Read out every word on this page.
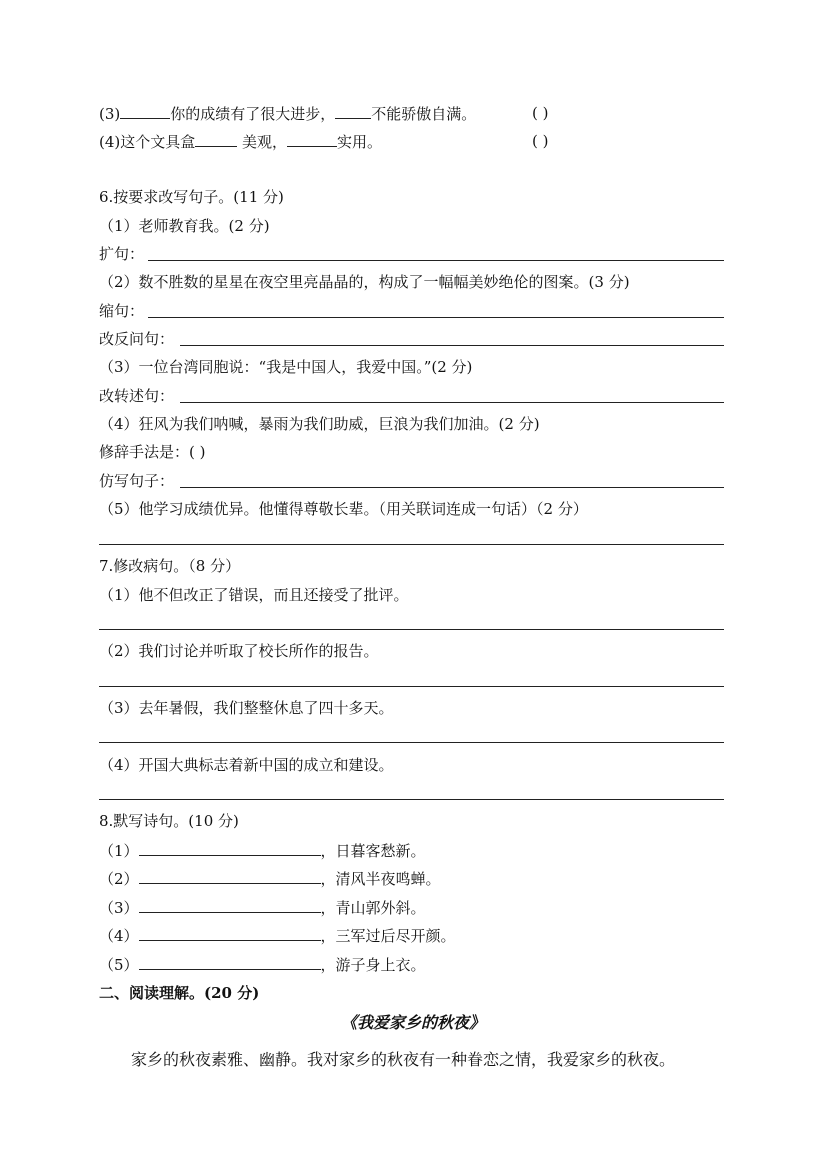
(3)	你的成绩有了很大进步， 不能骄傲自满。	( )
(4)这个文具盒	美观，	实用。	( )
6.按要求改写句子。(11 分)
（1）老师教育我。(2 分)
扩句：
（2）数不胜数的星星在夜空里亮晶晶的，构成了一幅幅美妙绝伦的图案。(3 分)
缩句：
改反问句：
（3）一位台湾同胞说：“我是中国人，我爱中国。”(2 分)
改转述句：
（4）狂风为我们呐喊，暴雨为我们助威，巨浪为我们加油。(2 分)
修辞手法是：( )
仿写句子：
（5）他学习成绩优异。他懂得尊敬长辈。（用关联词连成一句话）（2 分）
7.修改病句。（8 分）
（1）他不但改正了错误，而且还接受了批评。
（2）我们讨论并听取了校长所作的报告。
（3）去年暑假，我们整整休息了四十多天。
（4）开国大典标志着新中国的成立和建设。
8.默写诗句。(10 分)
（1）	，日暮客愁新。
（2）	，清风半夜鸣蝉。
（3）	，青山郭外斜。
（4）	，三军过后尽开颜。
（5）	，游子身上衣。
二、阅读理解。(20 分)
《我爱家乡的秋夜》
家乡的秋夜素雅、幽静。我对家乡的秋夜有一种眷恋之情，我爱家乡的秋夜。
